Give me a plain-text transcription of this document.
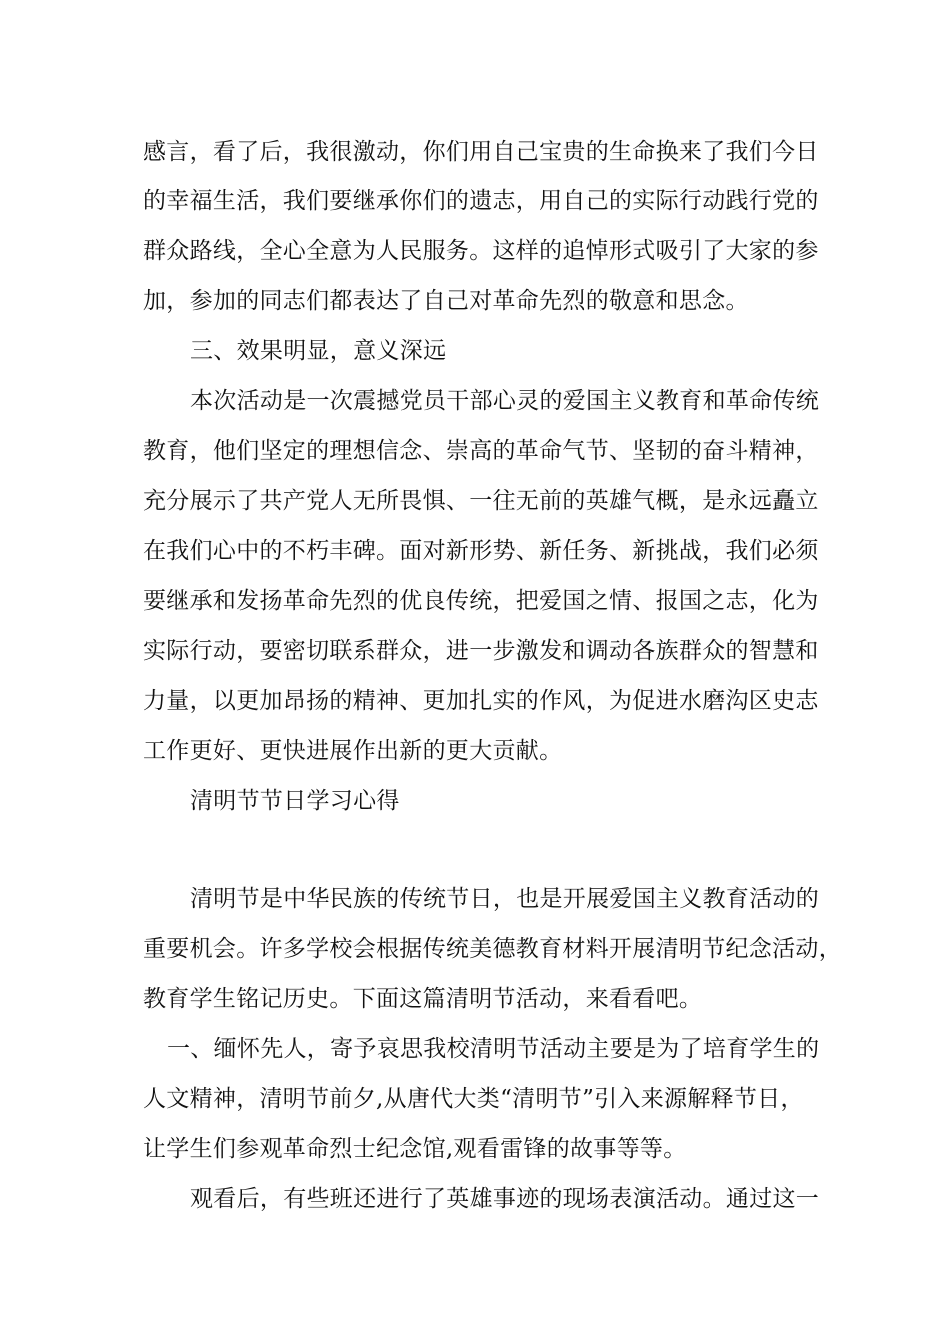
感言，看了后，我很激动，你们用自己宝贵的生命换来了我们今日
的幸福生活，我们要继承你们的遗志，用自己的实际行动践行党的
群众路线，全心全意为人民服务。这样的追悼形式吸引了大家的参
加，参加的同志们都表达了自己对革命先烈的敬意和思念。
三、效果明显，意义深远
本次活动是一次震撼党员干部心灵的爱国主义教育和革命传统
教育，他们坚定的理想信念、崇高的革命气节、坚韧的奋斗精神，
充分展示了共产党人无所畏惧、一往无前的英雄气概，是永远矗立
在我们心中的不朽丰碑。面对新形势、新任务、新挑战，我们必须
要继承和发扬革命先烈的优良传统，把爱国之情、报国之志，化为
实际行动，要密切联系群众，进一步激发和调动各族群众的智慧和
力量，以更加昂扬的精神、更加扎实的作风，为促进水磨沟区史志
工作更好、更快进展作出新的更大贡献。
清明节节日学习心得
清明节是中华民族的传统节日，也是开展爱国主义教育活动的
重要机会。许多学校会根据传统美德教育材料开展清明节纪念活动，
教育学生铭记历史。下面这篇清明节活动，来看看吧。
一、缅怀先人，寄予哀思我校清明节活动主要是为了培育学生的
人文精神，清明节前夕,从唐代大类“清明节”引入来源解释节日，
让学生们参观革命烈士纪念馆,观看雷锋的故事等等。
观看后，有些班还进行了英雄事迹的现场表演活动。通过这一
